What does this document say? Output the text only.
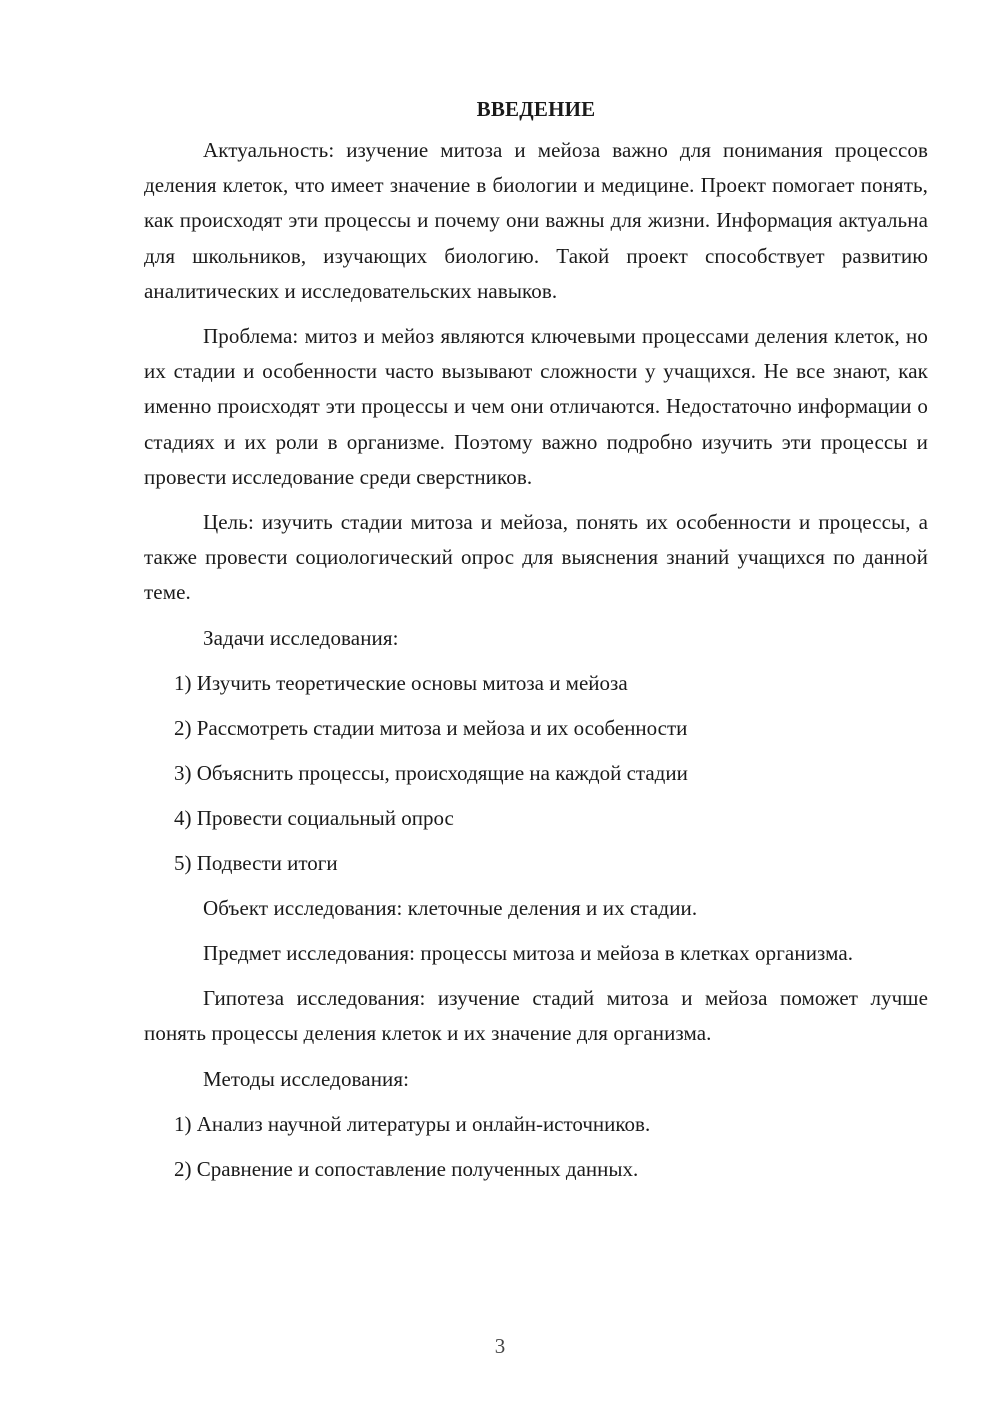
ВВЕДЕНИЕ

Актуальность: изучение митоза и мейоза важно для понимания процессов деления клеток, что имеет значение в биологии и медицине. Проект помогает понять, как происходят эти процессы и почему они важны для жизни. Информация актуальна для школьников, изучающих биологию. Такой проект способствует развитию аналитических и исследовательских навыков.

Проблема: митоз и мейоз являются ключевыми процессами деления клеток, но их стадии и особенности часто вызывают сложности у учащихся. Не все знают, как именно происходят эти процессы и чем они отличаются. Недостаточно информации о стадиях и их роли в организме. Поэтому важно подробно изучить эти процессы и провести исследование среди сверстников.

Цель: изучить стадии митоза и мейоза, понять их особенности и процессы, а также провести социологический опрос для выяснения знаний учащихся по данной теме.

Задачи исследования:

1) Изучить теоретические основы митоза и мейоза
2) Рассмотреть стадии митоза и мейоза и их особенности
3) Объяснить процессы, происходящие на каждой стадии
4) Провести социальный опрос
5) Подвести итоги

Объект исследования: клеточные деления и их стадии.

Предмет исследования: процессы митоза и мейоза в клетках организма.

Гипотеза исследования: изучение стадий митоза и мейоза поможет лучше понять процессы деления клеток и их значение для организма.

Методы исследования:

1) Анализ научной литературы и онлайн-источников.
2) Сравнение и сопоставление полученных данных.
3
